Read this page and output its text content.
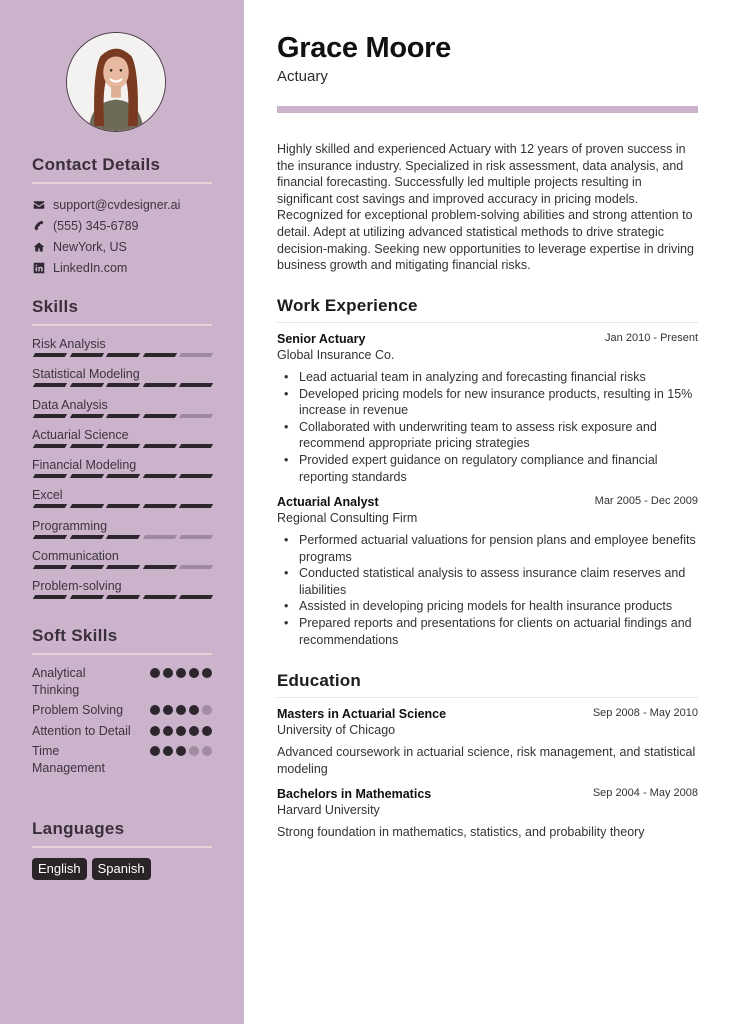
Contact Details
support@cvdesigner.ai
(555) 345-6789
NewYork, US
LinkedIn.com
Skills
Risk Analysis
Statistical Modeling
Data Analysis
Actuarial Science
Financial Modeling
Excel
Programming
Communication
Problem-solving
Soft Skills
Analytical Thinking
Problem Solving
Attention to Detail
Time Management
Languages
English	Spanish
Grace Moore
Actuary

Highly skilled and experienced Actuary with 12 years of proven success in the insurance industry. Specialized in risk assessment, data analysis, and financial forecasting. Successfully led multiple projects resulting in significant cost savings and improved accuracy in pricing models. Recognized for exceptional problem-solving abilities and strong attention to detail. Adept at utilizing advanced statistical methods to drive strategic decision-making. Seeking new opportunities to leverage expertise in driving business growth and mitigating financial risks.

Work Experience
Senior Actuary	Jan 2010 - Present
Global Insurance Co.
• Lead actuarial team in analyzing and forecasting financial risks
• Developed pricing models for new insurance products, resulting in 15% increase in revenue
• Collaborated with underwriting team to assess risk exposure and recommend appropriate pricing strategies
• Provided expert guidance on regulatory compliance and financial reporting standards
Actuarial Analyst	Mar 2005 - Dec 2009
Regional Consulting Firm
• Performed actuarial valuations for pension plans and employee benefits programs
• Conducted statistical analysis to assess insurance claim reserves and liabilities
• Assisted in developing pricing models for health insurance products
• Prepared reports and presentations for clients on actuarial findings and recommendations
Education
Masters in Actuarial Science	Sep 2008 - May 2010
University of Chicago
Advanced coursework in actuarial science, risk management, and statistical modeling
Bachelors in Mathematics	Sep 2004 - May 2008
Harvard University
Strong foundation in mathematics, statistics, and probability theory
